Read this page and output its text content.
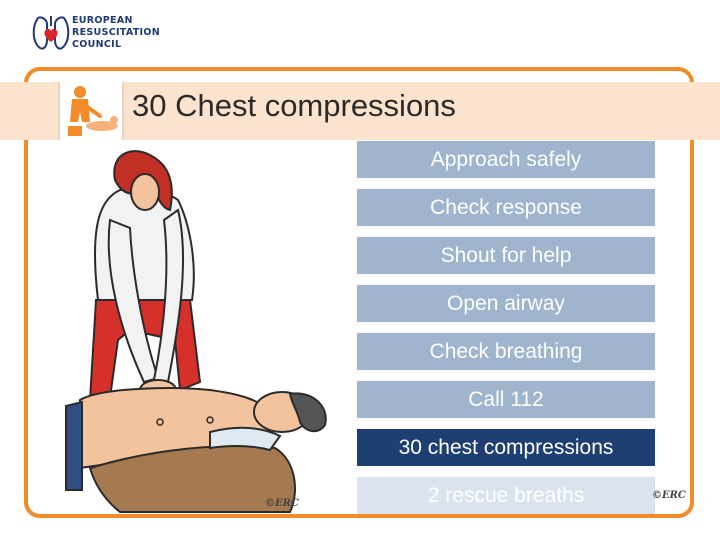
EUROPEAN
RESUSCITATION
COUNCIL
30 Chest compressions
©ERC
Approach safely
Check response
Shout for help
Open airway
Check breathing
Call 112
30 chest compressions
2 rescue breaths	©ERC
